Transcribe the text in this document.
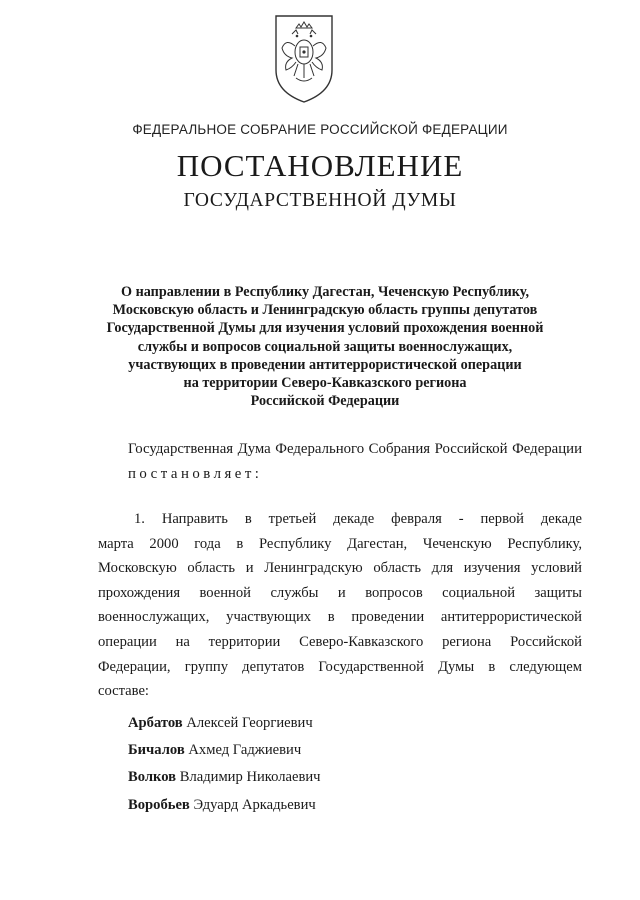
ФЕДЕРАЛЬНОЕ СОБРАНИЕ РОССИЙСКОЙ ФЕДЕРАЦИИ
ПОСТАНОВЛЕНИЕ
ГОСУДАРСТВЕННОЙ ДУМЫ
О направлении в Республику Дагестан, Чеченскую Республику,
Московскую область и Ленинградскую область группы депутатов
Государственной Думы для изучения условий прохождения военной
службы и вопросов социальной защиты военнослужащих,
участвующих в проведении антитеррористической операции
на территории Северо-Кавказского региона
Российской Федерации
Государственная Дума Федерального Собрания Российской Федерации постановляет:
1. Направить в третьей декаде февраля - первой декаде
марта 2000 года в Республику Дагестан, Чеченскую Республику,
Московскую область и Ленинградскую область для изучения условий
прохождения военной службы и вопросов социальной защиты
военнослужащих, участвующих в проведении антитеррористической
операции на территории Северо-Кавказского региона Российской
Федерации, группу депутатов Государственной Думы в следующем
составе:
Арбатов Алексей Георгиевич
Бичалов Ахмед Гаджиевич
Волков Владимир Николаевич
Воробьев Эдуард Аркадьевич
